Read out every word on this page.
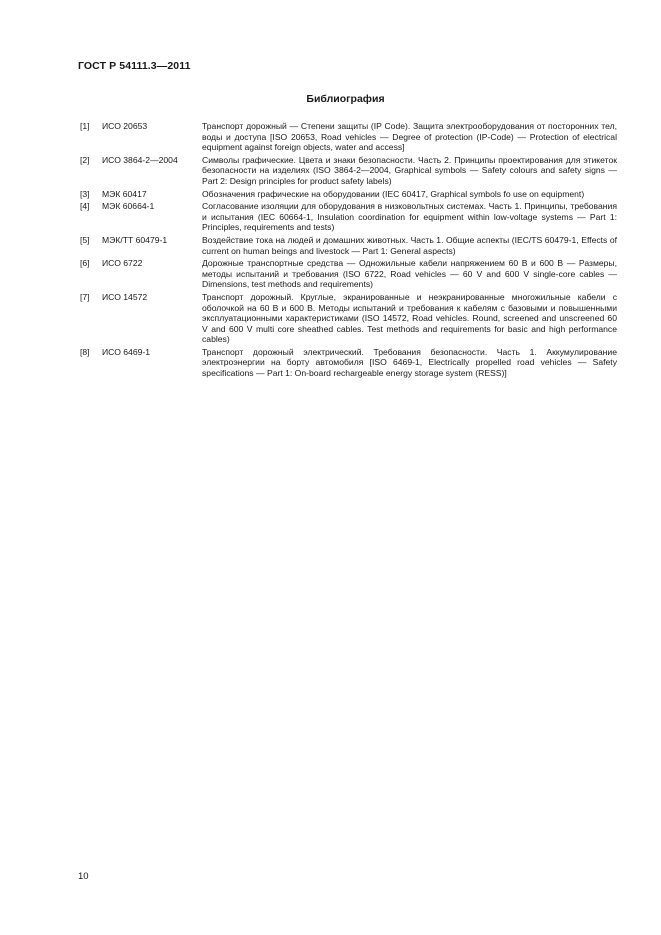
ГОСТ Р 54111.3—2011
Библиография
[1]	ИСО 20653	Транспорт дорожный — Степени защиты (IP Code). Защита электрооборудования от посторонних тел, воды и доступа [ISO 20653, Road vehicles — Degree of protection (IP-Code) — Protection of electrical equipment against foreign objects, water and access]
[2]	ИСО 3864-2—2004	Символы графические. Цвета и знаки безопасности. Часть 2. Принципы проектирования для этикеток безопасности на изделиях (ISO 3864-2—2004, Graphical symbols — Safety colours and safety signs — Part 2: Design principles for product safety labels)
[3]	МЭК 60417	Обозначения графические на оборудовании (IEC 60417, Graphical symbols fo use on equipment)
[4]	МЭК 60664-1	Согласование изоляции для оборудования в низковольтных системах. Часть 1. Принципы, требования и испытания (IEC 60664-1, Insulation coordination for equipment within low-voltage systems — Part 1: Principles, requirements and tests)
[5]	МЭК/ТТ 60479-1	Воздействие тока на людей и домашних животных. Часть 1. Общие аспекты (IEC/TS 60479-1, Effects of current on human beings and livestock — Part 1: General aspects)
[6]	ИСО 6722	Дорожные транспортные средства — Одножильные кабели напряжением 60 В и 600 В — Размеры, методы испытаний и требования (ISO 6722, Road vehicles — 60 V and 600 V single-core cables — Dimensions, test methods and requirements)
[7]	ИСО 14572	Транспорт дорожный. Круглые, экранированные и неэкранированные многожильные кабели с оболочкой на 60 В и 600 В. Методы испытаний и требования к кабелям с базовыми и повышенными эксплуатационными характеристиками (ISO 14572, Road vehicles. Round, screened and unscreened 60 V and 600 V multi core sheathed cables. Test methods and requirements for basic and high performance cables)
[8]	ИСО 6469-1	Транспорт дорожный электрический. Требования безопасности. Часть 1. Аккумулирование электроэнергии на борту автомобиля [ISO 6469-1, Electrically propelled road vehicles — Safety specifications — Part 1: On-board rechargeable energy storage system (RESS)]
10
